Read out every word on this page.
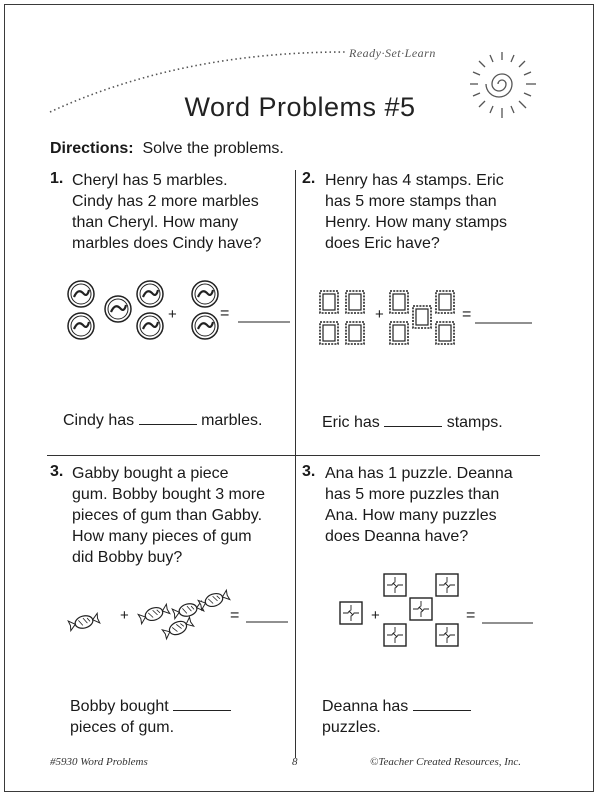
Ready·Set·Learn
Word Problems #5
Directions: Solve the problems.
1. Cheryl has 5 marbles.
Cindy has 2 more marbles
than Cheryl. How many
marbles does Cindy have?
+	=
Cindy has	marbles.
2. Henry has 4 stamps. Eric
has 5 more stamps than
Henry. How many stamps
does Eric have?
+	=
Eric has	stamps.
3. Gabby bought a piece
gum. Bobby bought 3 more
pieces of gum than Gabby.
How many pieces of gum
did Bobby buy?
+	=
Bobby bought
pieces of gum.
3. Ana has 1 puzzle. Deanna
has 5 more puzzles than
Ana. How many puzzles
does Deanna have?
+	=
Deanna has
puzzles.
#5930 Word Problems	8	©Teacher Created Resources, Inc.
